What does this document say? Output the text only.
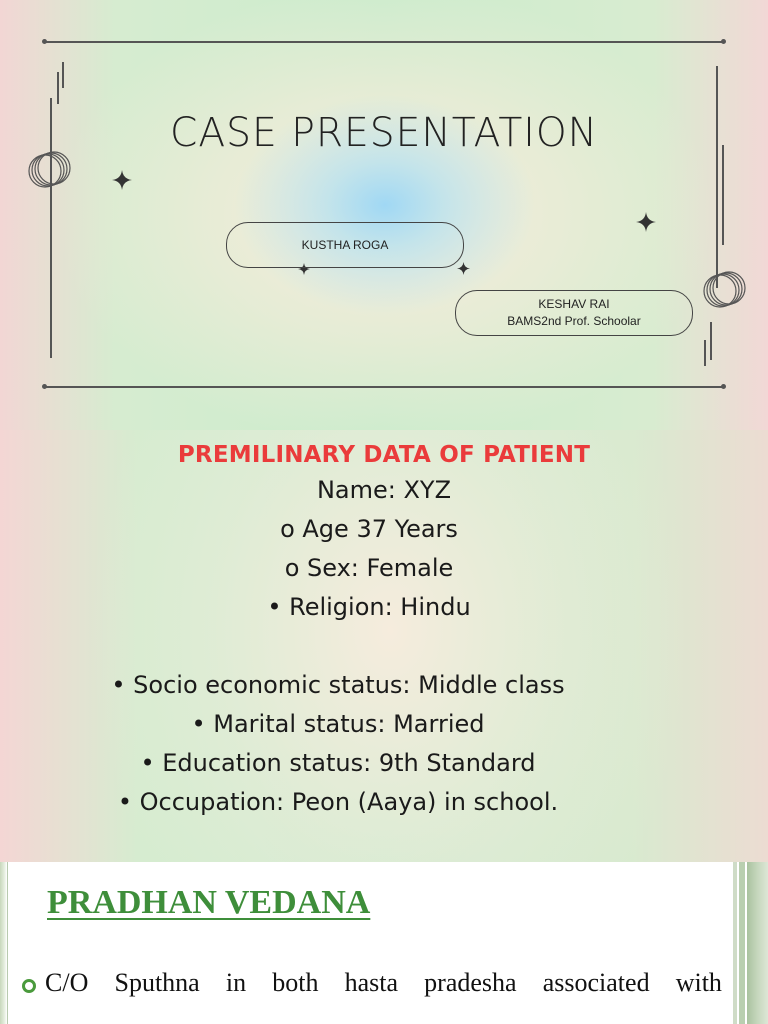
CASE PRESENTATION
KUSTHA ROGA
KESHAV RAI
BAMS2nd Prof. Schoolar
PREMILINARY DATA OF PATIENT
Name: XYZ
o Age 37 Years
o Sex: Female
• Religion: Hindu
• Socio economic status: Middle class
• Marital status: Married
• Education status: 9th Standard
• Occupation: Peon (Aaya) in school.
PRADHAN VEDANA
C/O Sputhna in both hasta pradesha associated with
